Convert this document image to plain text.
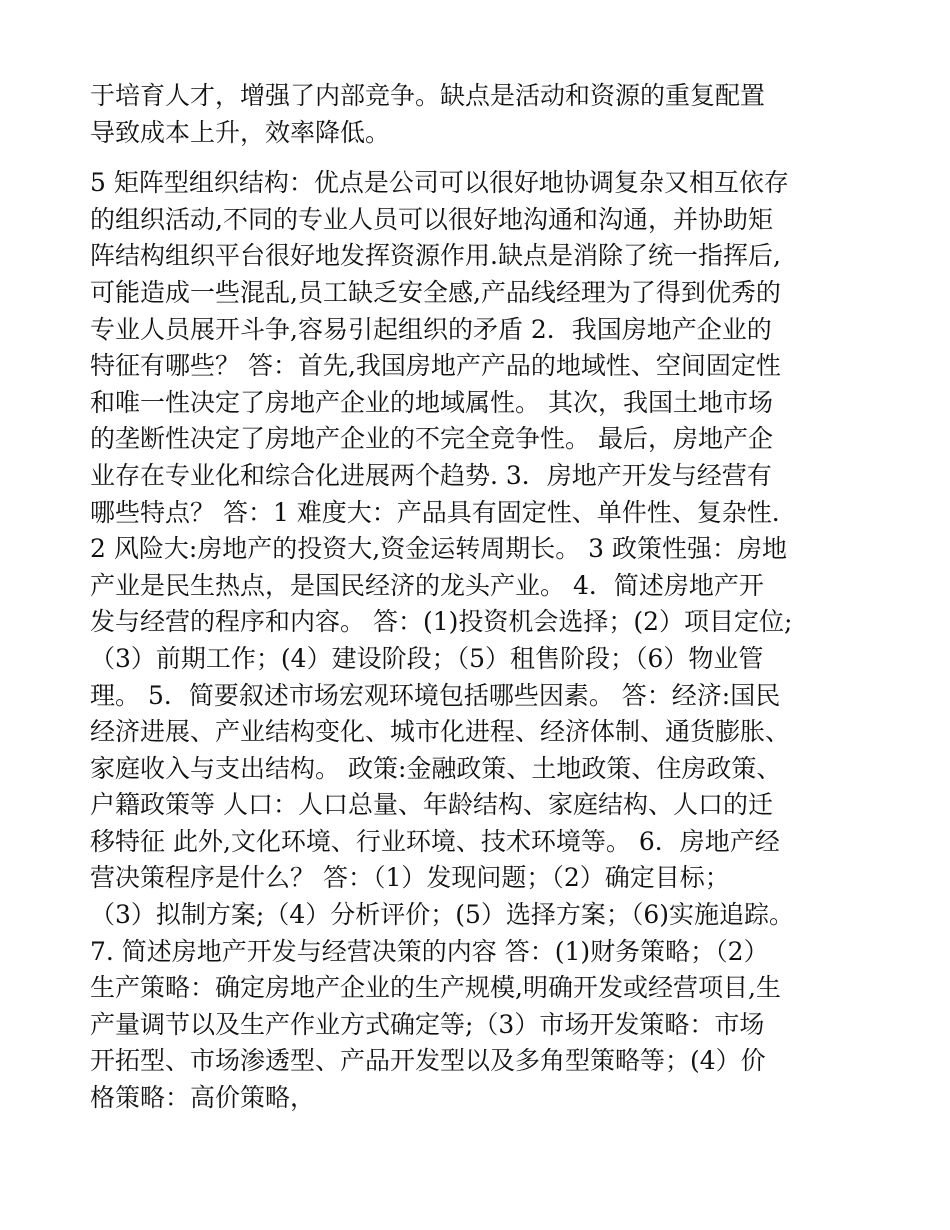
于培育人才，增强了内部竞争。缺点是活动和资源的重复配置
导致成本上升，效率降低。
5 矩阵型组织结构：优点是公司可以很好地协调复杂又相互依存
的组织活动,不同的专业人员可以很好地沟通和沟通，并协助矩
阵结构组织平台很好地发挥资源作用.缺点是消除了统一指挥后,
可能造成一些混乱,员工缺乏安全感,产品线经理为了得到优秀的
专业人员展开斗争,容易引起组织的矛盾 2．我国房地产企业的
特征有哪些？ 答：首先,我国房地产产品的地域性、空间固定性
和唯一性决定了房地产企业的地域属性。 其次，我国土地市场
的垄断性决定了房地产企业的不完全竞争性。 最后，房地产企
业存在专业化和综合化进展两个趋势. 3．房地产开发与经营有
哪些特点？ 答：1 难度大：产品具有固定性、单件性、复杂性.
2 风险大:房地产的投资大,资金运转周期长。 3 政策性强：房地
产业是民生热点，是国民经济的龙头产业。 4．简述房地产开
发与经营的程序和内容。 答：(1)投资机会选择；(2）项目定位;
（3）前期工作；(4）建设阶段；（5）租售阶段；（6）物业管
理。 5．简要叙述市场宏观环境包括哪些因素。 答：经济:国民
经济进展、产业结构变化、城市化进程、经济体制、通货膨胀、
家庭收入与支出结构。 政策:金融政策、土地政策、住房政策、
户籍政策等 人口：人口总量、年龄结构、家庭结构、人口的迁
移特征 此外,文化环境、行业环境、技术环境等。 6．房地产经
营决策程序是什么？ 答：（1）发现问题；（2）确定目标；
（3）拟制方案;（4）分析评价；(5）选择方案；（6)实施追踪。
7. 简述房地产开发与经营决策的内容 答：(1)财务策略；（2）
生产策略：确定房地产企业的生产规模,明确开发或经营项目,生
产量调节以及生产作业方式确定等;（3）市场开发策略：市场
开拓型、市场渗透型、产品开发型以及多角型策略等；(4）价
格策略：高价策略，
